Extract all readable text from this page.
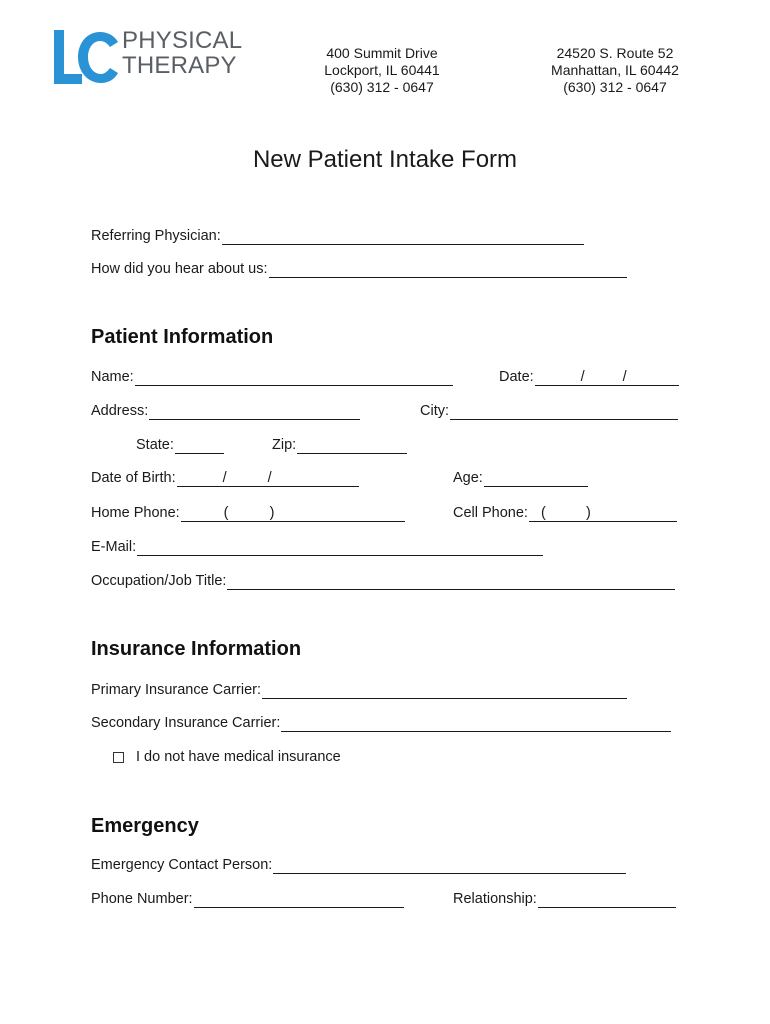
PHYSICAL
THERAPY	400 Summit Drive
Lockport, IL 60441
(630) 312 - 0647
24520 S. Route 52
Manhattan, IL 60442
(630) 312 - 0647
New Patient Intake Form
Referring Physician:
How did you hear about us:
Patient Information
Name:	Date:	/	/
Address:	City:
State:	Zip:
Date of Birth:	/	/	Age:
Home Phone:	(	)	Cell Phone: (	)
E-Mail:
Occupation/Job Title:
Insurance Information
Primary Insurance Carrier:
Secondary Insurance Carrier:
I do not have medical insurance
Emergency
Emergency Contact Person:
Phone Number:	Relationship:
